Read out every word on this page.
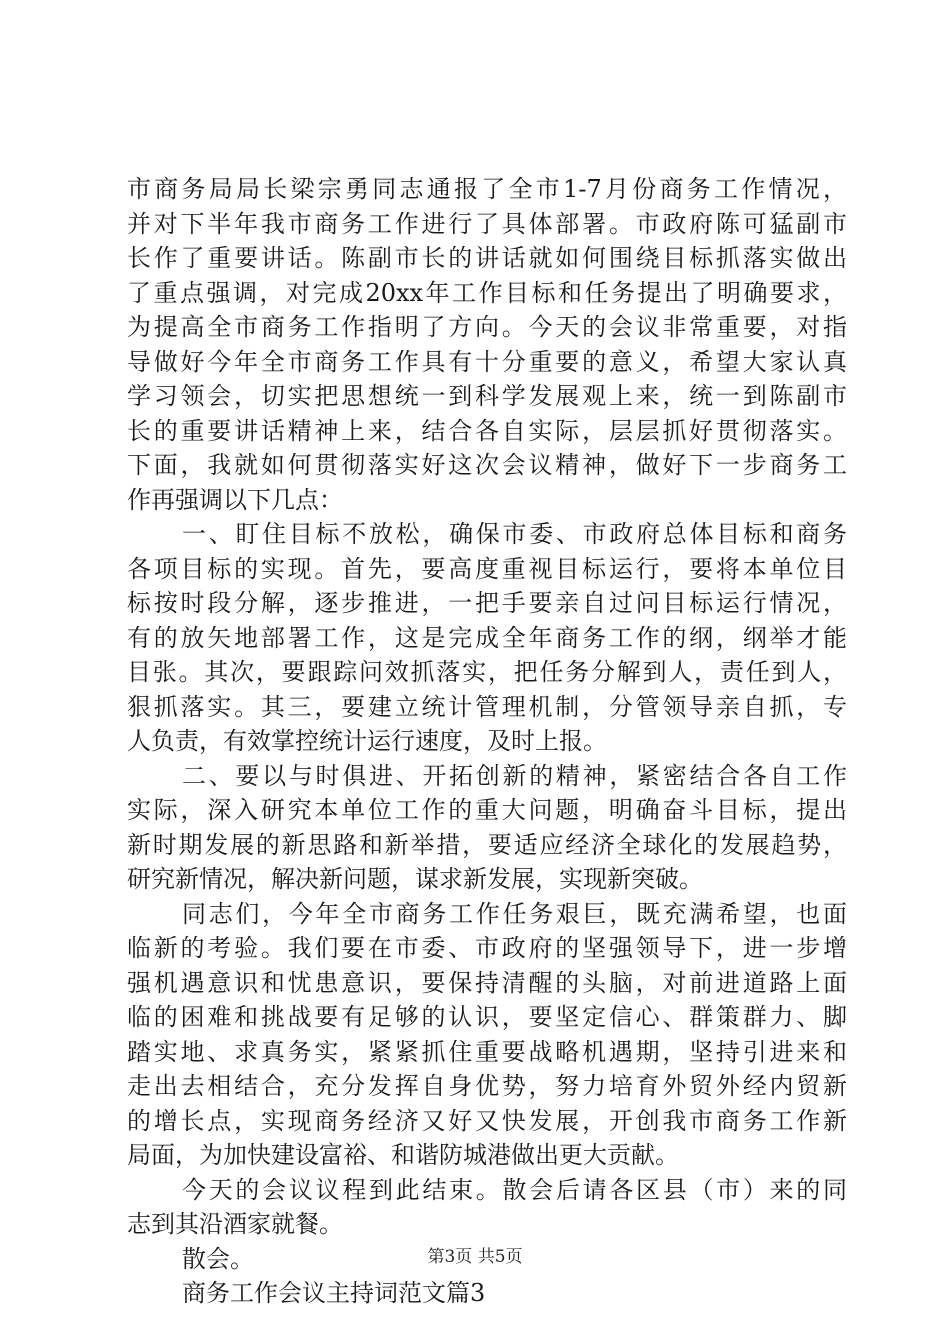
市商务局局长梁宗勇同志通报了全市1-7月份商务工作情况，
并对下半年我市商务工作进行了具体部署。市政府陈可猛副市
长作了重要讲话。陈副市长的讲话就如何围绕目标抓落实做出
了重点强调，对完成20xx年工作目标和任务提出了明确要求，
为提高全市商务工作指明了方向。今天的会议非常重要，对指
导做好今年全市商务工作具有十分重要的意义，希望大家认真
学习领会，切实把思想统一到科学发展观上来，统一到陈副市
长的重要讲话精神上来，结合各自实际，层层抓好贯彻落实。
下面，我就如何贯彻落实好这次会议精神，做好下一步商务工
作再强调以下几点：
一、盯住目标不放松，确保市委、市政府总体目标和商务
各项目标的实现。首先，要高度重视目标运行，要将本单位目
标按时段分解，逐步推进，一把手要亲自过问目标运行情况，
有的放矢地部署工作，这是完成全年商务工作的纲，纲举才能
目张。其次，要跟踪问效抓落实，把任务分解到人，责任到人，
狠抓落实。其三，要建立统计管理机制，分管领导亲自抓，专
人负责，有效掌控统计运行速度，及时上报。
二、要以与时俱进、开拓创新的精神，紧密结合各自工作
实际，深入研究本单位工作的重大问题，明确奋斗目标，提出
新时期发展的新思路和新举措，要适应经济全球化的发展趋势，
研究新情况，解决新问题，谋求新发展，实现新突破。
同志们，今年全市商务工作任务艰巨，既充满希望，也面
临新的考验。我们要在市委、市政府的坚强领导下，进一步增
强机遇意识和忧患意识，要保持清醒的头脑，对前进道路上面
临的困难和挑战要有足够的认识，要坚定信心、群策群力、脚
踏实地、求真务实，紧紧抓住重要战略机遇期，坚持引进来和
走出去相结合，充分发挥自身优势，努力培育外贸外经内贸新
的增长点，实现商务经济又好又快发展，开创我市商务工作新
局面，为加快建设富裕、和谐防城港做出更大贡献。
今天的会议议程到此结束。散会后请各区县（市）来的同
志到其沿酒家就餐。
散会。
商务工作会议主持词范文篇3
第3页 共5页
